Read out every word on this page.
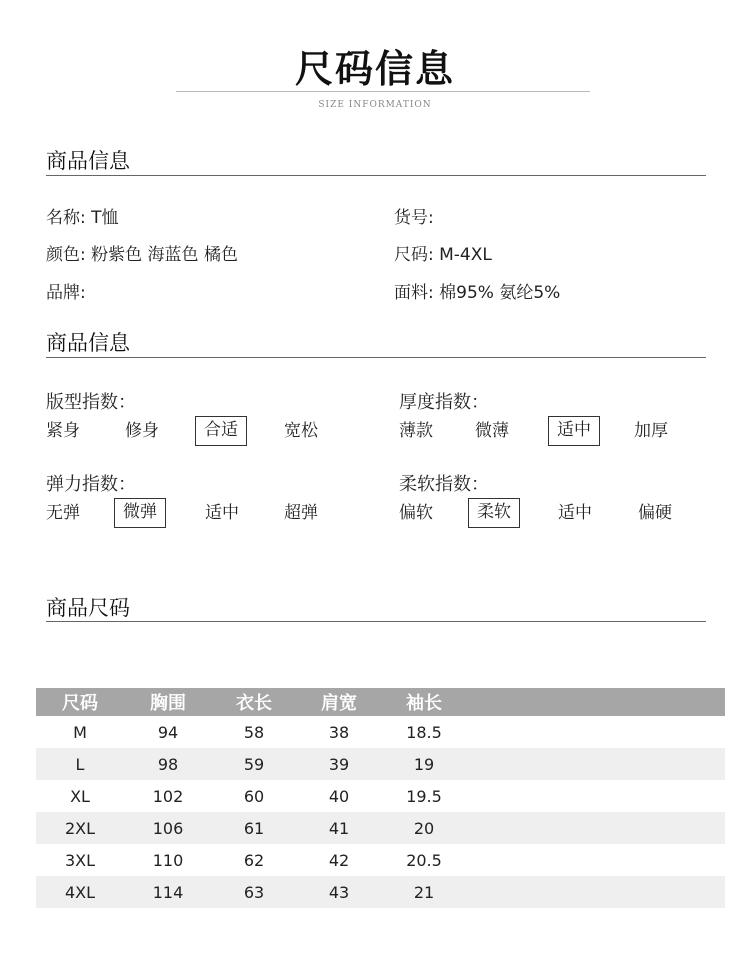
尺码信息
SIZE INFORMATION
商品信息
名称: T恤
颜色: 粉紫色 海蓝色 橘色
品牌:
货号:
尺码: M-4XL
面料: 棉95% 氨纶5%
商品信息
版型指数：
紧身	修身	合适	宽松
厚度指数：
薄款	微薄	适中	加厚
弹力指数：
无弹	微弹	适中	超弹
柔软指数：
偏软	柔软	适中	偏硬
商品尺码
尺码	胸围	衣长	肩宽	袖长	
M	94	58	38	18.5	
L	98	59	39	19	
XL	102	60	40	19.5	
2XL	106	61	41	20	
3XL	110	62	42	20.5	
4XL	114	63	43	21	
